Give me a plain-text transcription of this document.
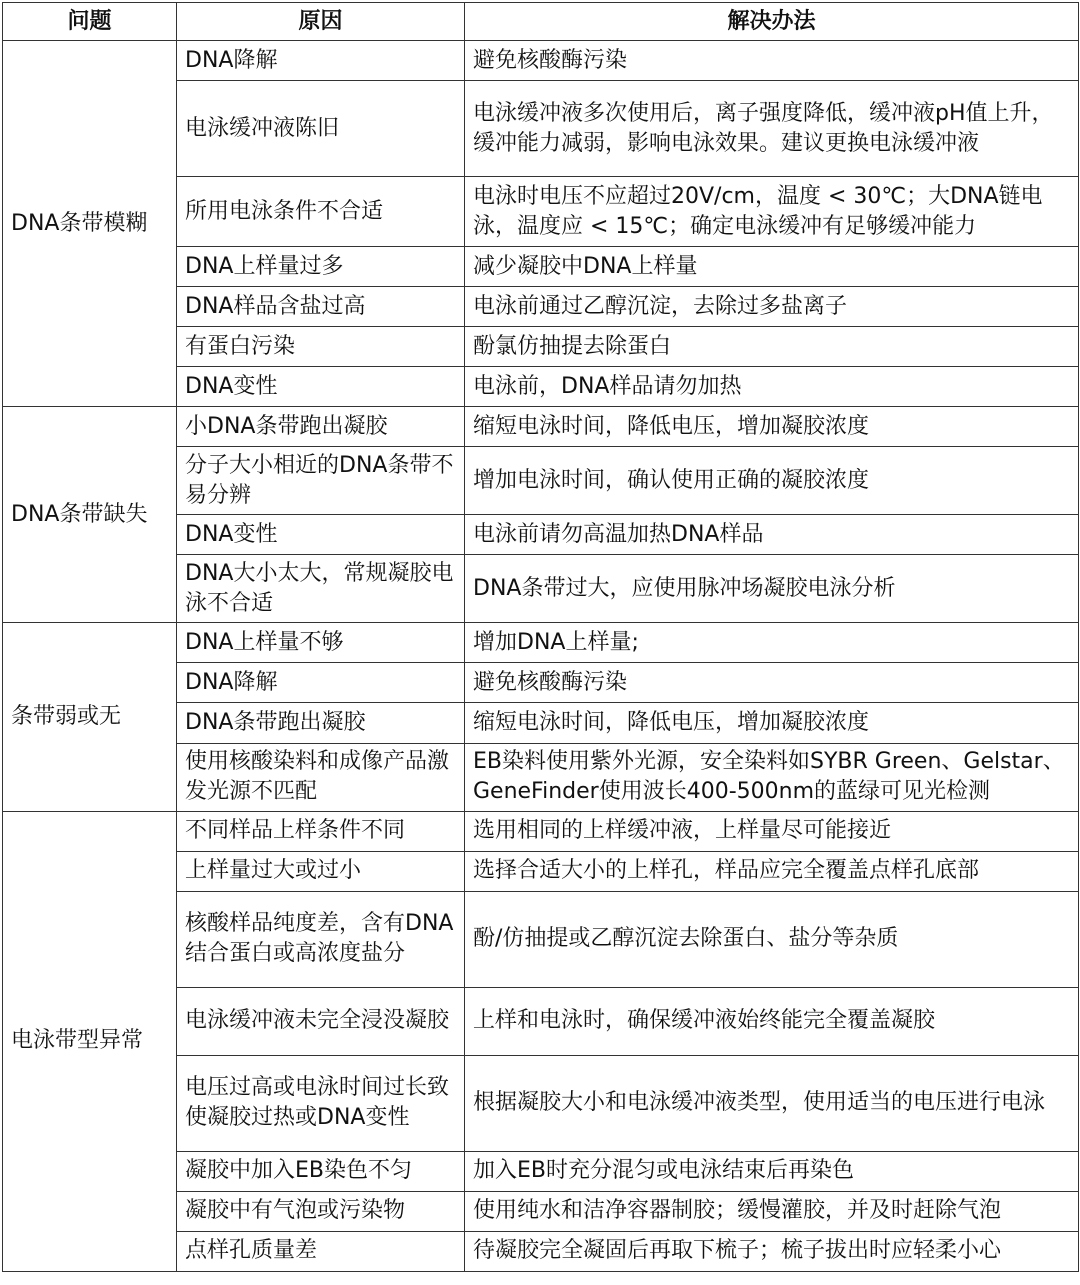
问题	原因	解决办法
DNA条带模糊	DNA降解	避免核酸酶污染
	电泳缓冲液陈旧	电泳缓冲液多次使用后，离子强度降低，缓冲液pH值上升，缓冲能力减弱，影响电泳效果。建议更换电泳缓冲液
	所用电泳条件不合适	电泳时电压不应超过20V/cm，温度 < 30℃；大DNA链电泳，温度应 < 15℃；确定电泳缓冲有足够缓冲能力
	DNA上样量过多	减少凝胶中DNA上样量
	DNA样品含盐过高	电泳前通过乙醇沉淀，去除过多盐离子
	有蛋白污染	酚氯仿抽提去除蛋白
	DNA变性	电泳前，DNA样品请勿加热
DNA条带缺失	小DNA条带跑出凝胶	缩短电泳时间，降低电压，增加凝胶浓度
	分子大小相近的DNA条带不易分辨	增加电泳时间，确认使用正确的凝胶浓度
	DNA变性	电泳前请勿高温加热DNA样品
	DNA大小太大，常规凝胶电泳不合适	DNA条带过大，应使用脉冲场凝胶电泳分析
条带弱或无	DNA上样量不够	增加DNA上样量;
	DNA降解	避免核酸酶污染
	DNA条带跑出凝胶	缩短电泳时间，降低电压，增加凝胶浓度
	使用核酸染料和成像产品激发光源不匹配	EB染料使用紫外光源，安全染料如SYBR Green、Gelstar、GeneFinder使用波长400-500nm的蓝绿可见光检测
电泳带型异常	不同样品上样条件不同	选用相同的上样缓冲液，上样量尽可能接近
	上样量过大或过小	选择合适大小的上样孔，样品应完全覆盖点样孔底部
	核酸样品纯度差，含有DNA结合蛋白或高浓度盐分	酚/仿抽提或乙醇沉淀去除蛋白、盐分等杂质
	电泳缓冲液未完全浸没凝胶	上样和电泳时，确保缓冲液始终能完全覆盖凝胶
	电压过高或电泳时间过长致使凝胶过热或DNA变性	根据凝胶大小和电泳缓冲液类型，使用适当的电压进行电泳
	凝胶中加入EB染色不匀	加入EB时充分混匀或电泳结束后再染色
	凝胶中有气泡或污染物	使用纯水和洁净容器制胶；缓慢灌胶，并及时赶除气泡
	点样孔质量差	待凝胶完全凝固后再取下梳子；梳子拔出时应轻柔小心
